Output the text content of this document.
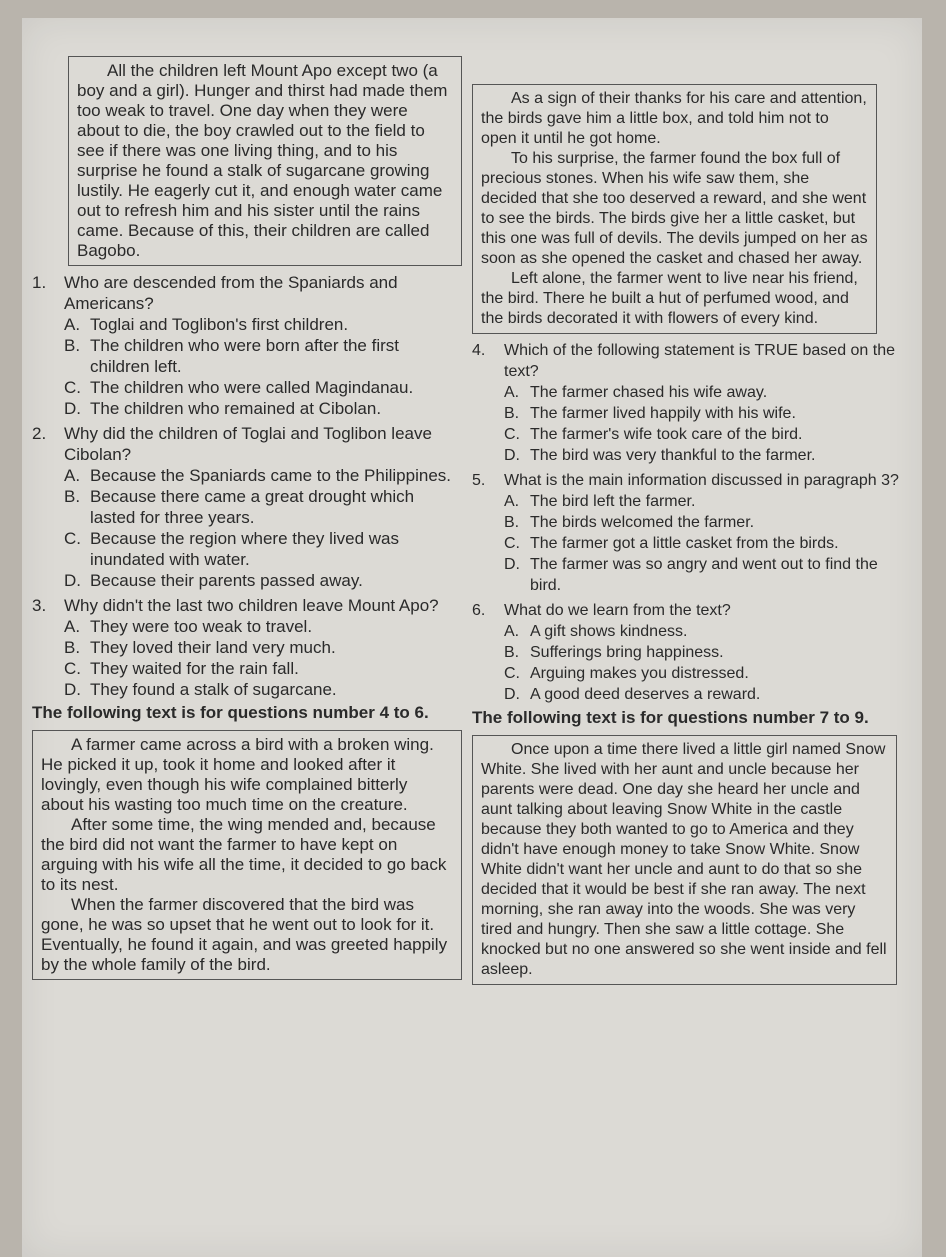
All the children left Mount Apo except two (a boy and a girl). Hunger and thirst had made them too weak to travel. One day when they were about to die, the boy crawled out to the field to see if there was one living thing, and to his surprise he found a stalk of sugarcane growing lustily. He eagerly cut it, and enough water came out to refresh him and his sister until the rains came. Because of this, their children are called Bagobo.

1.	Who are descended from the Spaniards and Americans?
A. Toglai and Toglibon's first children.
B. The children who were born after the first children left.
C. The children who were called Magindanau.
D. The children who remained at Cibolan.
2.	Why did the children of Toglai and Toglibon leave Cibolan?
A. Because the Spaniards came to the Philippines.
B. Because there came a great drought which lasted for three years.
C. Because the region where they lived was inundated with water.
D. Because their parents passed away.
3.	Why didn't the last two children leave Mount Apo?
A. They were too weak to travel.
B. They loved their land very much.
C. They waited for the rain fall.
D. They found a stalk of sugarcane.
The following text is for questions number 4 to 6.

A farmer came across a bird with a broken wing. He picked it up, took it home and looked after it lovingly, even though his wife complained bitterly about his wasting too much time on the creature.

After some time, the wing mended and, because the bird did not want the farmer to have kept on arguing with his wife all the time, it decided to go back to its nest.

When the farmer discovered that the bird was gone, he was so upset that he went out to look for it. Eventually, he found it again, and was greeted happily by the whole family of the bird.

As a sign of their thanks for his care and attention, the birds gave him a little box, and told him not to open it until he got home.

To his surprise, the farmer found the box full of precious stones. When his wife saw them, she decided that she too deserved a reward, and she went to see the birds. The birds give her a little casket, but this one was full of devils. The devils jumped on her as soon as she opened the casket and chased her away.

Left alone, the farmer went to live near his friend, the bird. There he built a hut of perfumed wood, and the birds decorated it with flowers of every kind.

4.	Which of the following statement is TRUE based on the text?
A. The farmer chased his wife away.
B. The farmer lived happily with his wife.
C. The farmer's wife took care of the bird.
D. The bird was very thankful to the farmer.
5.	What is the main information discussed in paragraph 3?
A. The bird left the farmer.
B. The birds welcomed the farmer.
C. The farmer got a little casket from the birds.
D. The farmer was so angry and went out to find the bird.
6.	What do we learn from the text?
A. A gift shows kindness.
B. Sufferings bring happiness.
C. Arguing makes you distressed.
D. A good deed deserves a reward.
The following text is for questions number 7 to 9.

Once upon a time there lived a little girl named Snow White. She lived with her aunt and uncle because her parents were dead. One day she heard her uncle and aunt talking about leaving Snow White in the castle because they both wanted to go to America and they didn't have enough money to take Snow White. Snow White didn't want her uncle and aunt to do that so she decided that it would be best if she ran away. The next morning, she ran away into the woods. She was very tired and hungry. Then she saw a little cottage. She knocked but no one answered so she went inside and fell asleep.
